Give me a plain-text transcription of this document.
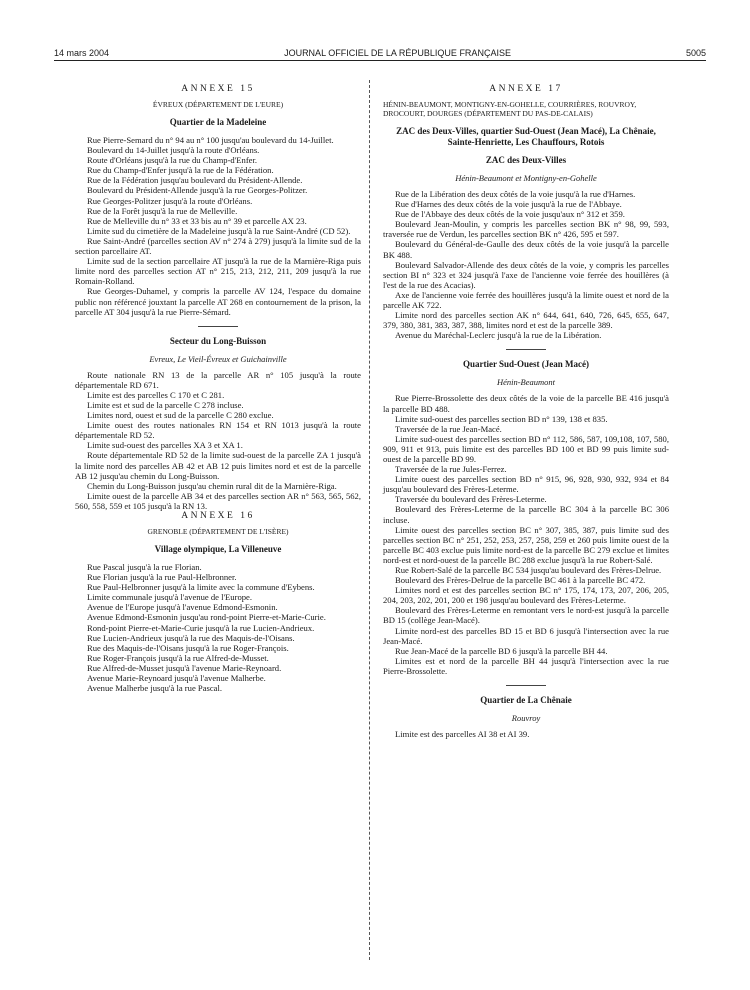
14 mars 2004	JOURNAL OFFICIEL DE LA RÉPUBLIQUE FRANÇAISE	5005
ANNEXE 15
ÉVREUX (DÉPARTEMENT DE L'EURE)
Quartier de la Madeleine
Rue Pierre-Semard du n° 94 au n° 100 jusqu'au boulevard du 14-Juillet.
Boulevard du 14-Juillet jusqu'à la route d'Orléans.
Route d'Orléans jusqu'à la rue du Champ-d'Enfer.
Rue du Champ-d'Enfer jusqu'à la rue de la Fédération.
Rue de la Fédération jusqu'au boulevard du Président-Allende.
Boulevard du Président-Allende jusqu'à la rue Georges-Politzer.
Rue Georges-Politzer jusqu'à la route d'Orléans.
Rue de la Forêt jusqu'à la rue de Melleville.
Rue de Melleville du n° 33 et 33 bis au n° 39 et parcelle AX 23.
Limite sud du cimetière de la Madeleine jusqu'à la rue Saint-André (CD 52).
Rue Saint-André (parcelles section AV n° 274 à 279) jusqu'à la limite sud de la section parcellaire AT.
Limite sud de la section parcellaire AT jusqu'à la rue de la Marnière-Riga puis limite nord des parcelles section AT n° 215, 213, 212, 211, 209 jusqu'à la rue Romain-Rolland.
Rue Georges-Duhamel, y compris la parcelle AV 124, l'espace du domaine public non référencé jouxtant la parcelle AT 268 en contournement de la prison, la parcelle AT 304 jusqu'à la rue Pierre-Sémard.
Secteur du Long-Buisson
Evreux, Le Vieil-Évreux et Guichainville
Route nationale RN 13 de la parcelle AR n° 105 jusqu'à la route départementale RD 671.
Limite est des parcelles C 170 et C 281.
Limite est et sud de la parcelle C 278 incluse.
Limites nord, ouest et sud de la parcelle C 280 exclue.
Limite ouest des routes nationales RN 154 et RN 1013 jusqu'à la route départementale RD 52.
Limite sud-ouest des parcelles XA 3 et XA 1.
Route départementale RD 52 de la limite sud-ouest de la parcelle ZA 1 jusqu'à la limite nord des parcelles AB 42 et AB 12 puis limites nord et est de la parcelle AB 12 jusqu'au chemin du Long-Buisson.
Chemin du Long-Buisson jusqu'au chemin rural dit de la Marnière-Riga.
Limite ouest de la parcelle AB 34 et des parcelles section AR n° 563, 565, 562, 560, 558, 559 et 105 jusqu'à la RN 13.
ANNEXE 16
GRENOBLE (DÉPARTEMENT DE L'ISÈRE)
Village olympique, La Villeneuve
Rue Pascal jusqu'à la rue Florian.
Rue Florian jusqu'à la rue Paul-Helbronner.
Rue Paul-Helbronner jusqu'à la limite avec la commune d'Eybens.
Limite communale jusqu'à l'avenue de l'Europe.
Avenue de l'Europe jusqu'à l'avenue Edmond-Esmonin.
Avenue Edmond-Esmonin jusqu'au rond-point Pierre-et-Marie-Curie.
Rond-point Pierre-et-Marie-Curie jusqu'à la rue Lucien-Andrieux.
Rue Lucien-Andrieux jusqu'à la rue des Maquis-de-l'Oisans.
Rue des Maquis-de-l'Oisans jusqu'à la rue Roger-François.
Rue Roger-François jusqu'à la rue Alfred-de-Musset.
Rue Alfred-de-Musset jusqu'à l'avenue Marie-Reynoard.
Avenue Marie-Reynoard jusqu'à l'avenue Malherbe.
Avenue Malherbe jusqu'à la rue Pascal.
ANNEXE 17
HÉNIN-BEAUMONT, MONTIGNY-EN-GOHELLE, COURRIÈRES, ROUVROY, DROCOURT, DOURGES (DÉPARTEMENT DU PAS-DE-CALAIS)
ZAC des Deux-Villes, quartier Sud-Ouest (Jean Macé), La Chênaie, Sainte-Henriette, Les Chauffours, Rotois
ZAC des Deux-Villes
Hénin-Beaumont et Montigny-en-Gohelle
Rue de la Libération des deux côtés de la voie jusqu'à la rue d'Harnes.
Rue d'Harnes des deux côtés de la voie jusqu'à la rue de l'Abbaye.
Rue de l'Abbaye des deux côtés de la voie jusqu'aux n° 312 et 359.
Boulevard Jean-Moulin, y compris les parcelles section BK n° 98, 99, 593, traversée rue de Verdun, les parcelles section BK n° 426, 595 et 597.
Boulevard du Général-de-Gaulle des deux côtés de la voie jusqu'à la parcelle BK 488.
Boulevard Salvador-Allende des deux côtés de la voie, y compris les parcelles section BI n° 323 et 324 jusqu'à l'axe de l'ancienne voie ferrée des houillères (à l'est de la rue des Acacias).
Axe de l'ancienne voie ferrée des houillères jusqu'à la limite ouest et nord de la parcelle AK 722.
Limite nord des parcelles section AK n° 644, 641, 640, 726, 645, 655, 647, 379, 380, 381, 383, 387, 388, limites nord et est de la parcelle 389.
Avenue du Maréchal-Leclerc jusqu'à la rue de la Libération.
Quartier Sud-Ouest (Jean Macé)
Hénin-Beaumont
Rue Pierre-Brossolette des deux côtés de la voie de la parcelle BE 416 jusqu'à la parcelle BD 488.
Limite sud-ouest des parcelles section BD n° 139, 138 et 835.
Traversée de la rue Jean-Macé.
Limite sud-ouest des parcelles section BD n° 112, 586, 587, 109,108, 107, 580, 909, 911 et 913, puis limite est des parcelles BD 100 et BD 99 puis limite sud-ouest de la parcelle BD 99.
Traversée de la rue Jules-Ferrez.
Limite ouest des parcelles section BD n° 915, 96, 928, 930, 932, 934 et 84 jusqu'au boulevard des Frères-Leterme.
Traversée du boulevard des Frères-Leterme.
Boulevard des Frères-Leterme de la parcelle BC 304 à la parcelle BC 306 incluse.
Limite ouest des parcelles section BC n° 307, 385, 387, puis limite sud des parcelles section BC n° 251, 252, 253, 257, 258, 259 et 260 puis limite ouest de la parcelle BC 403 exclue puis limite nord-est de la parcelle BC 279 exclue et limites nord-est et nord-ouest de la parcelle BC 288 exclue jusqu'à la rue Robert-Salé.
Rue Robert-Salé de la parcelle BC 534 jusqu'au boulevard des Frères-Delrue.
Boulevard des Frères-Delrue de la parcelle BC 461 à la parcelle BC 472.
Limites nord et est des parcelles section BC n° 175, 174, 173, 207, 206, 205, 204, 203, 202, 201, 200 et 198 jusqu'au boulevard des Frères-Leterme.
Boulevard des Frères-Leterme en remontant vers le nord-est jusqu'à la parcelle BD 15 (collège Jean-Macé).
Limite nord-est des parcelles BD 15 et BD 6 jusqu'à l'intersection avec la rue Jean-Macé.
Rue Jean-Macé de la parcelle BD 6 jusqu'à la parcelle BH 44.
Limites est et nord de la parcelle BH 44 jusqu'à l'intersection avec la rue Pierre-Brossolette.
Quartier de La Chênaie
Rouvroy
Limite est des parcelles AI 38 et AI 39.
